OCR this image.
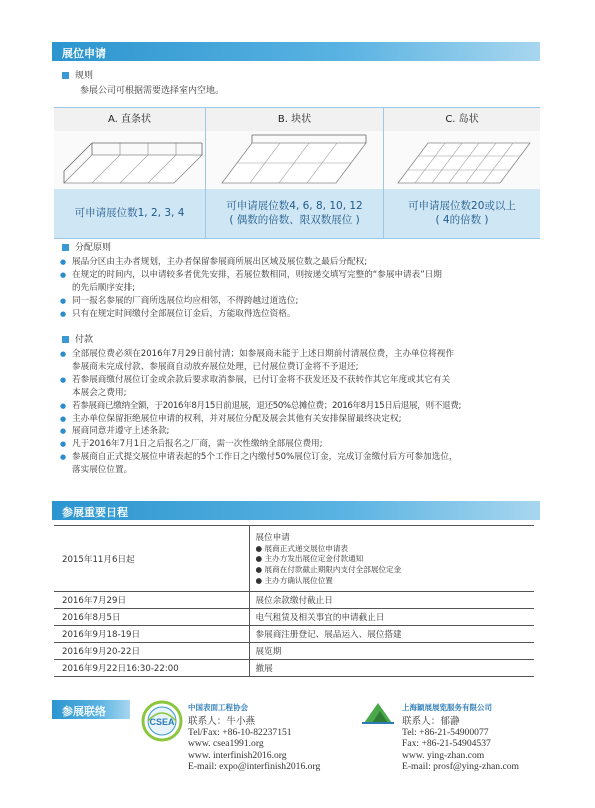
展位申请
规则
参展公司可根据需要选择室内空地。
A. 直条状
可申请展位数1, 2, 3, 4
B. 块状
可申请展位数4, 6, 8, 10, 12
( 偶数的倍数、限双数展位 )
C. 岛状
可申请展位数20或以上
( 4的倍数 )
分配原则
● 展品分区由主办者规划，主办者保留参展商所展出区域及展位数之最后分配权;
● 在规定的时间内，以申请较多者优先安排，若展位数相同，则按递交填写完整的“参展申请表”日期
的先后顺序安排;
● 同一报名参展的厂商所选展位均应相邻，不得跨越过道选位;
● 只有在规定时间缴付全部展位订金后，方能取得选位资格。
付款
● 全部展位费必须在2016年7月29日前付清；如参展商未能于上述日期前付清展位费，主办单位将视作
参展商未完成付款、参展商自动放弃展位处理，已付展位费订金将不予退还;
● 若参展商缴付展位订金或余款后要求取消参展，已付订金将不获发还及不获转作其它年度或其它有关
本展会之费用;
● 若参展商已缴纳全额，于2016年8月15日前退展，退还50%总摊位费；2016年8月15日后退展，则不退费;
● 主办单位保留拒绝展位申请的权利，并对展位分配及展会其他有关安排保留最终决定权;
● 展商同意并遵守上述条款;
● 凡于2016年7月1日之后报名之厂商，需一次性缴纳全部展位费用;
● 参展商自正式提交展位申请表起的5个工作日之内缴付50%展位订金，完成订金缴付后方可参加选位，
落实展位位置。
参展重要日程
2015年11月6日起	展位申请
● 展商正式递交展位申请表
● 主办方发出展位定金付款通知
● 展商在付款截止期限内支付全部展位定金
● 主办方确认展位位置

2016年7月29日	展位余款缴付截止日
2016年8月5日	电气租赁及相关事宜的申请截止日
2016年9月18-19日	参展商注册登记、展品运入、展位搭建
2016年9月20-22日	展览期
2016年9月22日16:30-22:00	撤展
参展联络
CSEA
中国表面工程协会
联系人：牛小燕
Tel/Fax: +86-10-82237151
www. csea1991.org
www. interfinish2016.org
E-mail: expo@interfinish2016.org
上海颖展展览服务有限公司
联系人：郁瀞
Tel: +86-21-54900077
Fax: +86-21-54904537
www. ying-zhan.com
E-mail: prosf@ying-zhan.com
